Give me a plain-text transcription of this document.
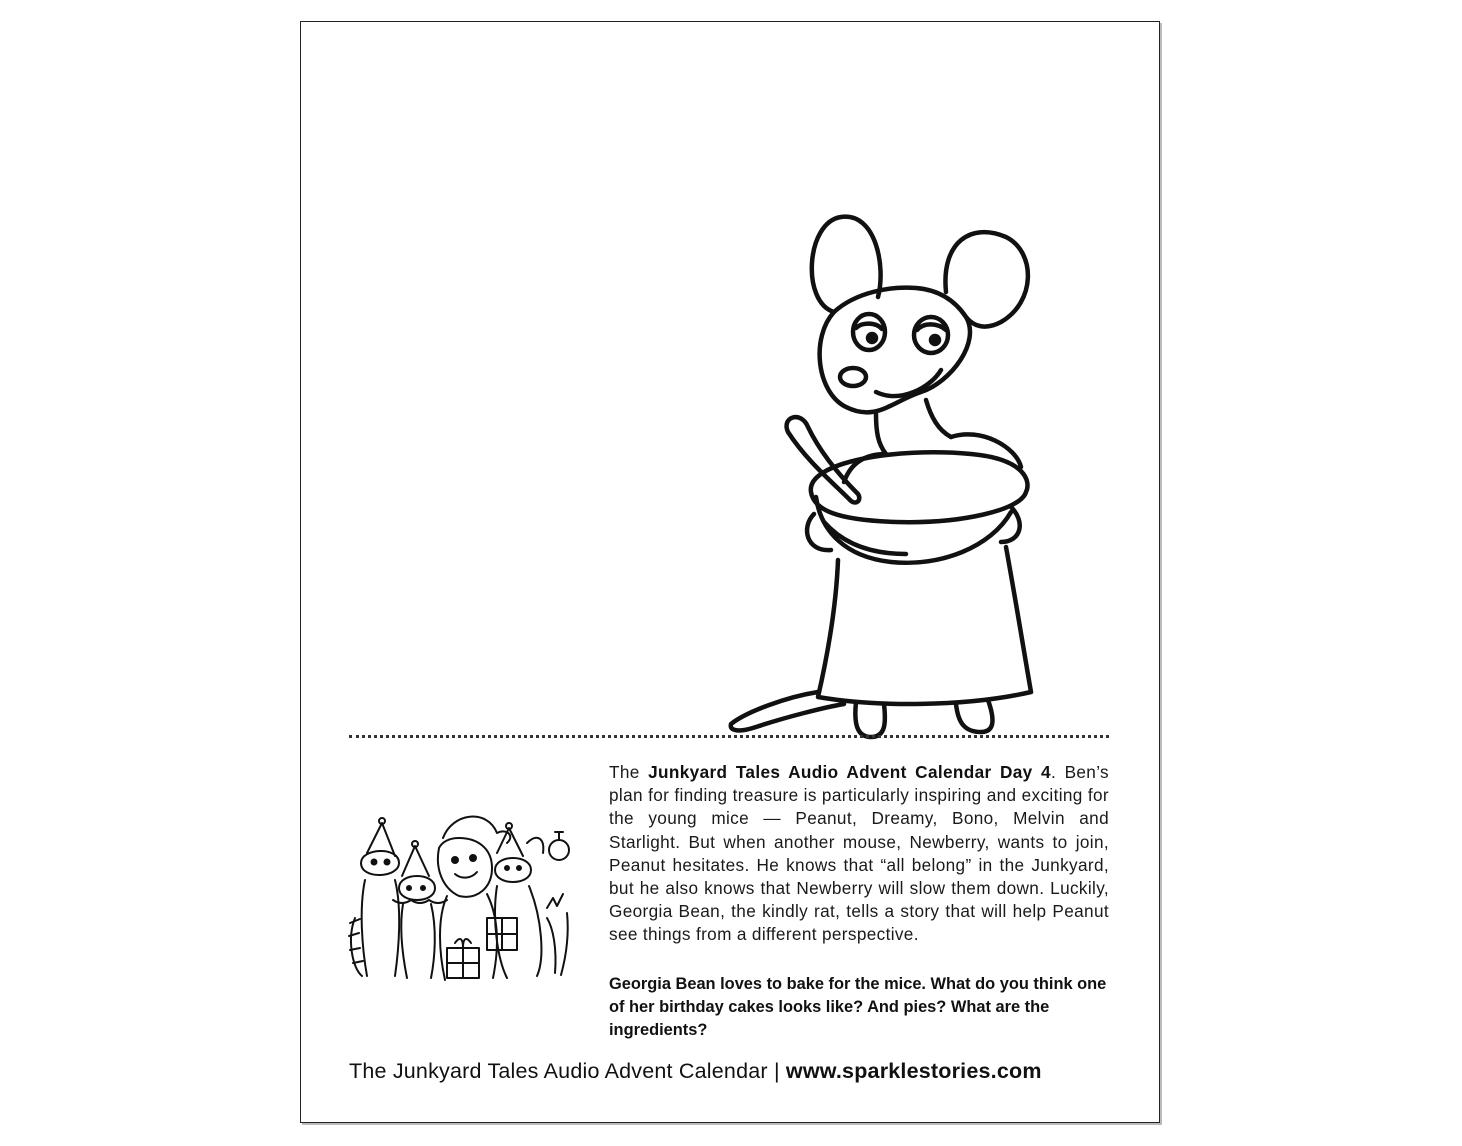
The Junkyard Tales Audio Advent Calendar Day 4. Ben’s plan for finding treasure is particularly inspiring and exciting for the young mice — Peanut, Dreamy, Bono, Melvin and Starlight. But when another mouse, Newberry, wants to join, Peanut hesitates. He knows that “all belong” in the Junkyard, but he also knows that Newberry will slow them down. Luckily, Georgia Bean, the kindly rat, tells a story that will help Peanut see things from a different perspective.

Georgia Bean loves to bake for the mice. What do you think one of her birthday cakes looks like? And pies? What are the ingredients?

The Junkyard Tales Audio Advent Calendar | www.sparklestories.com
